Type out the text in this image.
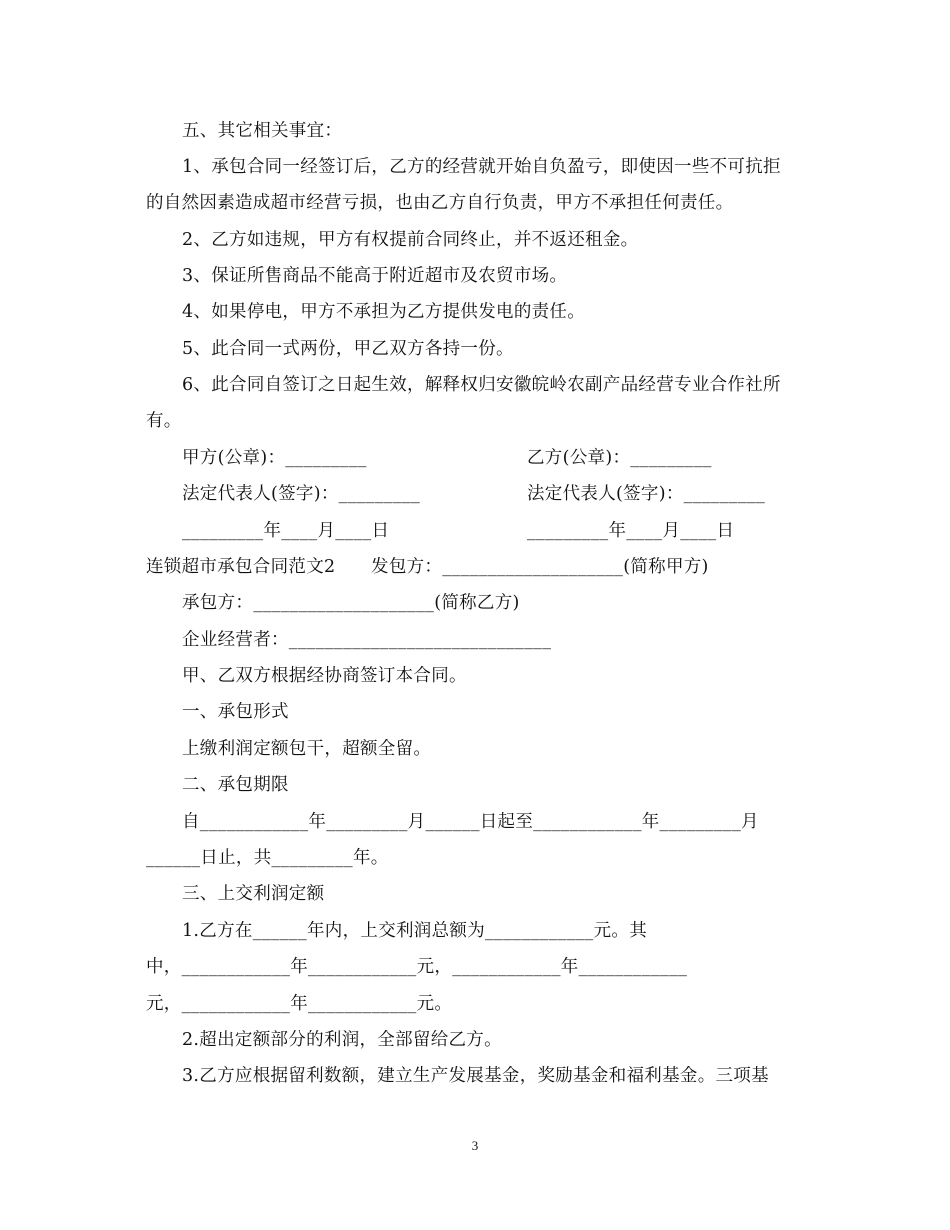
五、其它相关事宜：
1、承包合同一经签订后，乙方的经营就开始自负盈亏，即使因一些不可抗拒
的自然因素造成超市经营亏损，也由乙方自行负责，甲方不承担任何责任。
2、乙方如违规，甲方有权提前合同终止，并不返还租金。
3、保证所售商品不能高于附近超市及农贸市场。
4、如果停电，甲方不承担为乙方提供发电的责任。
5、此合同一式两份，甲乙双方各持一份。
6、此合同自签订之日起生效，解释权归安徽皖岭农副产品经营专业合作社所
有。
甲方(公章)：_________	乙方(公章)：_________
法定代表人(签字)：_________	法定代表人(签字)：_________
_________年____月____日	_________年____月____日
连锁超市承包合同范文2　　发包方：____________________(简称甲方)
承包方：____________________(简称乙方)
企业经营者：_____________________________
甲、乙双方根据经协商签订本合同。
一、承包形式
上缴利润定额包干，超额全留。
二、承包期限
自____________年_________月______日起至____________年_________月
______日止，共_________年。
三、上交利润定额
1.乙方在______年内，上交利润总额为____________元。其
中，____________年____________元，____________年____________
元，____________年____________元。
2.超出定额部分的利润，全部留给乙方。
3.乙方应根据留利数额，建立生产发展基金，奖励基金和福利基金。三项基
3
